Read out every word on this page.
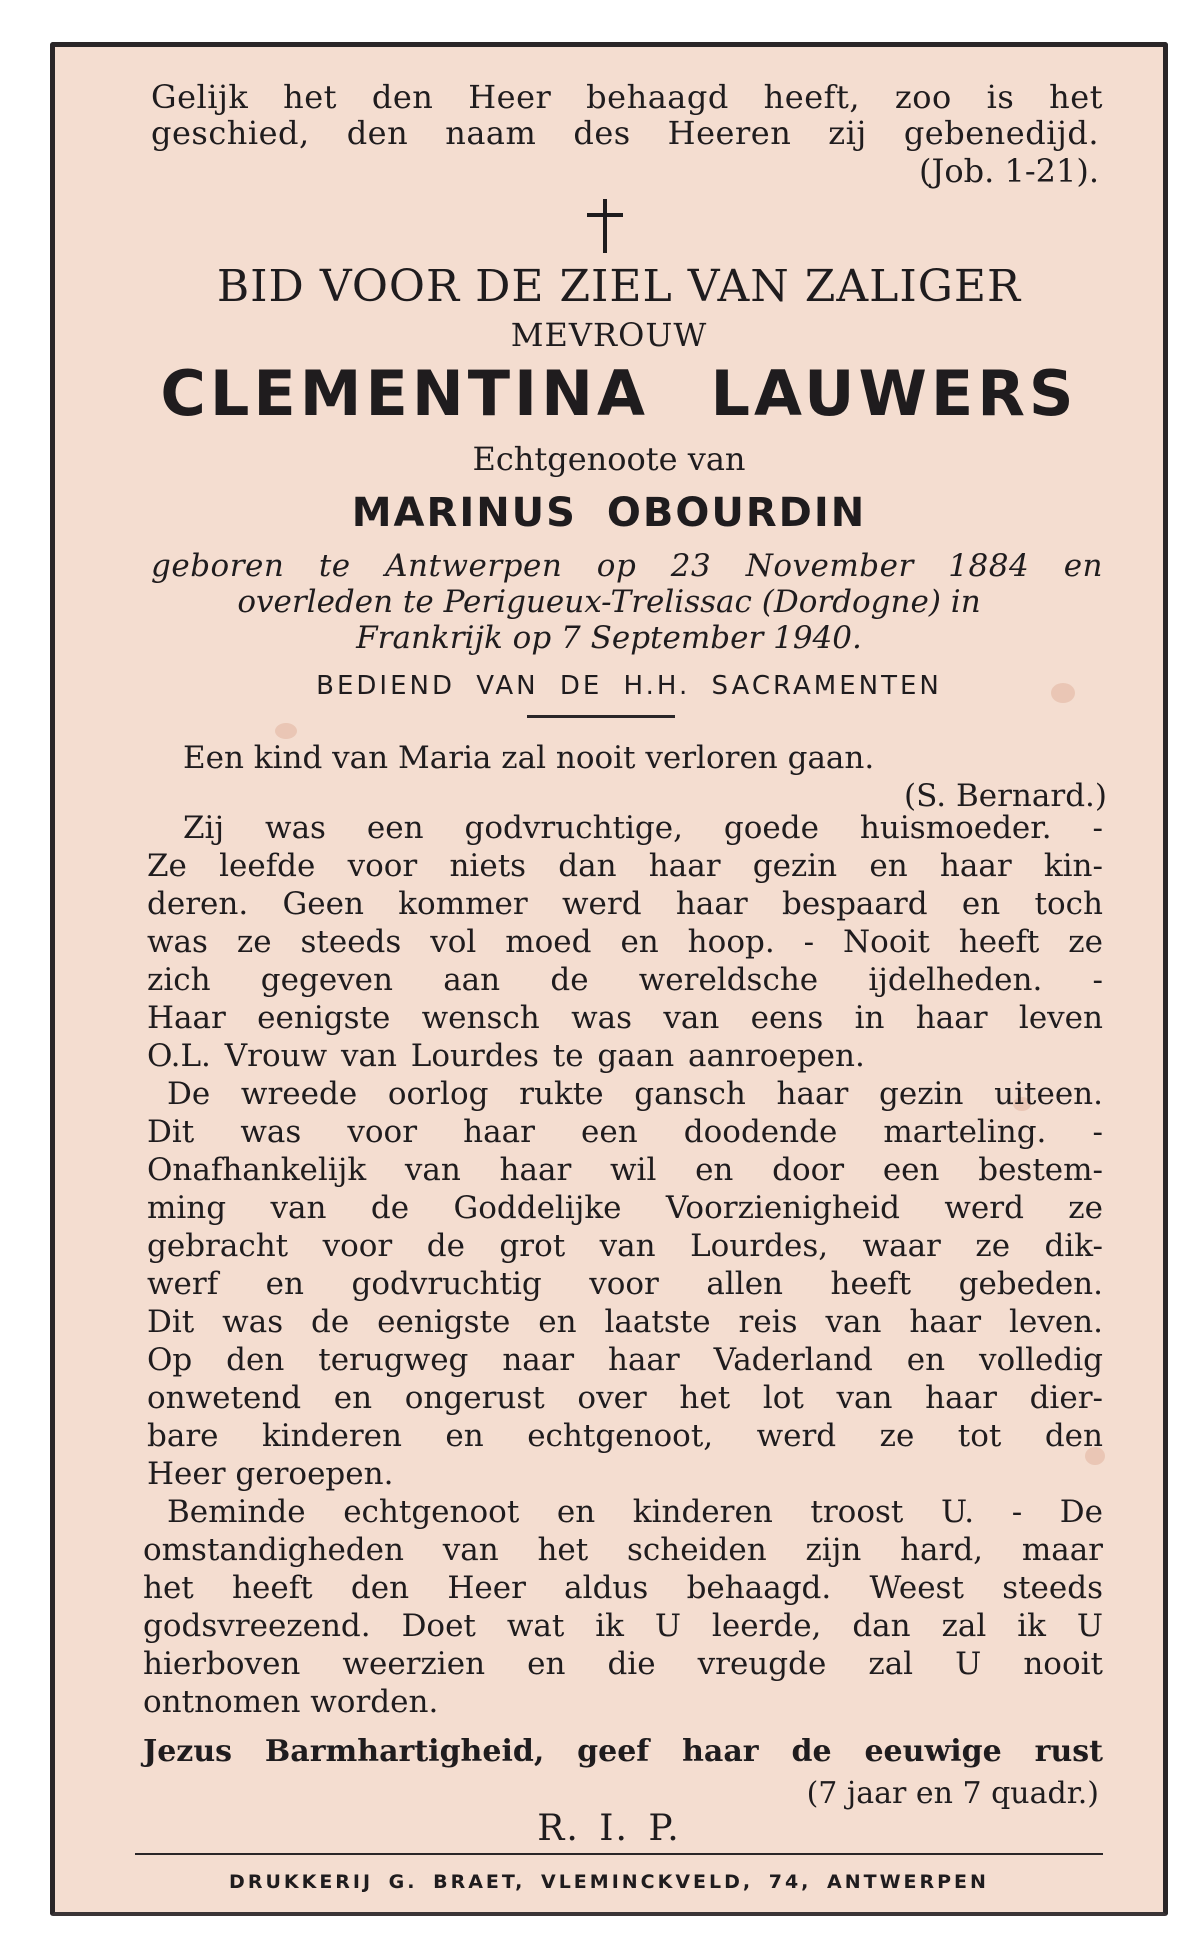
Gelijk het den Heer behaagd heeft, zoo is het
geschied, den naam des Heeren zij gebenedijd.
(Job. 1-21).
BID VOOR DE ZIEL VAN ZALIGER
MEVROUW
CLEMENTINA LAUWERS
Echtgenoote van
MARINUS OBOURDIN
geboren te Antwerpen op 23 November 1884 en
overleden te Perigueux-Trelissac (Dordogne) in
Frankrijk op 7 September 1940.
BEDIEND VAN DE H.H. SACRAMENTEN
Een kind van Maria zal nooit verloren gaan.
(S. Bernard.)
Zij was een godvruchtige, goede huismoeder. -
Ze leefde voor niets dan haar gezin en haar kin-
deren. Geen kommer werd haar bespaard en toch
was ze steeds vol moed en hoop. - Nooit heeft ze
zich gegeven aan de wereldsche ijdelheden. -
Haar eenigste wensch was van eens in haar leven
O.L. Vrouw van Lourdes te gaan aanroepen.
De wreede oorlog rukte gansch haar gezin uiteen.
Dit was voor haar een doodende marteling. -
Onafhankelijk van haar wil en door een bestem-
ming van de Goddelijke Voorzienigheid werd ze
gebracht voor de grot van Lourdes, waar ze dik-
werf en godvruchtig voor allen heeft gebeden.
Dit was de eenigste en laatste reis van haar leven.
Op den terugweg naar haar Vaderland en volledig
onwetend en ongerust over het lot van haar dier-
bare kinderen en echtgenoot, werd ze tot den
Heer geroepen.
Beminde echtgenoot en kinderen troost U. - De
omstandigheden van het scheiden zijn hard, maar
het heeft den Heer aldus behaagd. Weest steeds
godsvreezend. Doet wat ik U leerde, dan zal ik U
hierboven weerzien en die vreugde zal U nooit
ontnomen worden.
Jezus Barmhartigheid, geef haar de eeuwige rust
(7 jaar en 7 quadr.)
R. I. P.
DRUKKERIJ G. BRAET, VLEMINCKVELD, 74, ANTWERPEN
